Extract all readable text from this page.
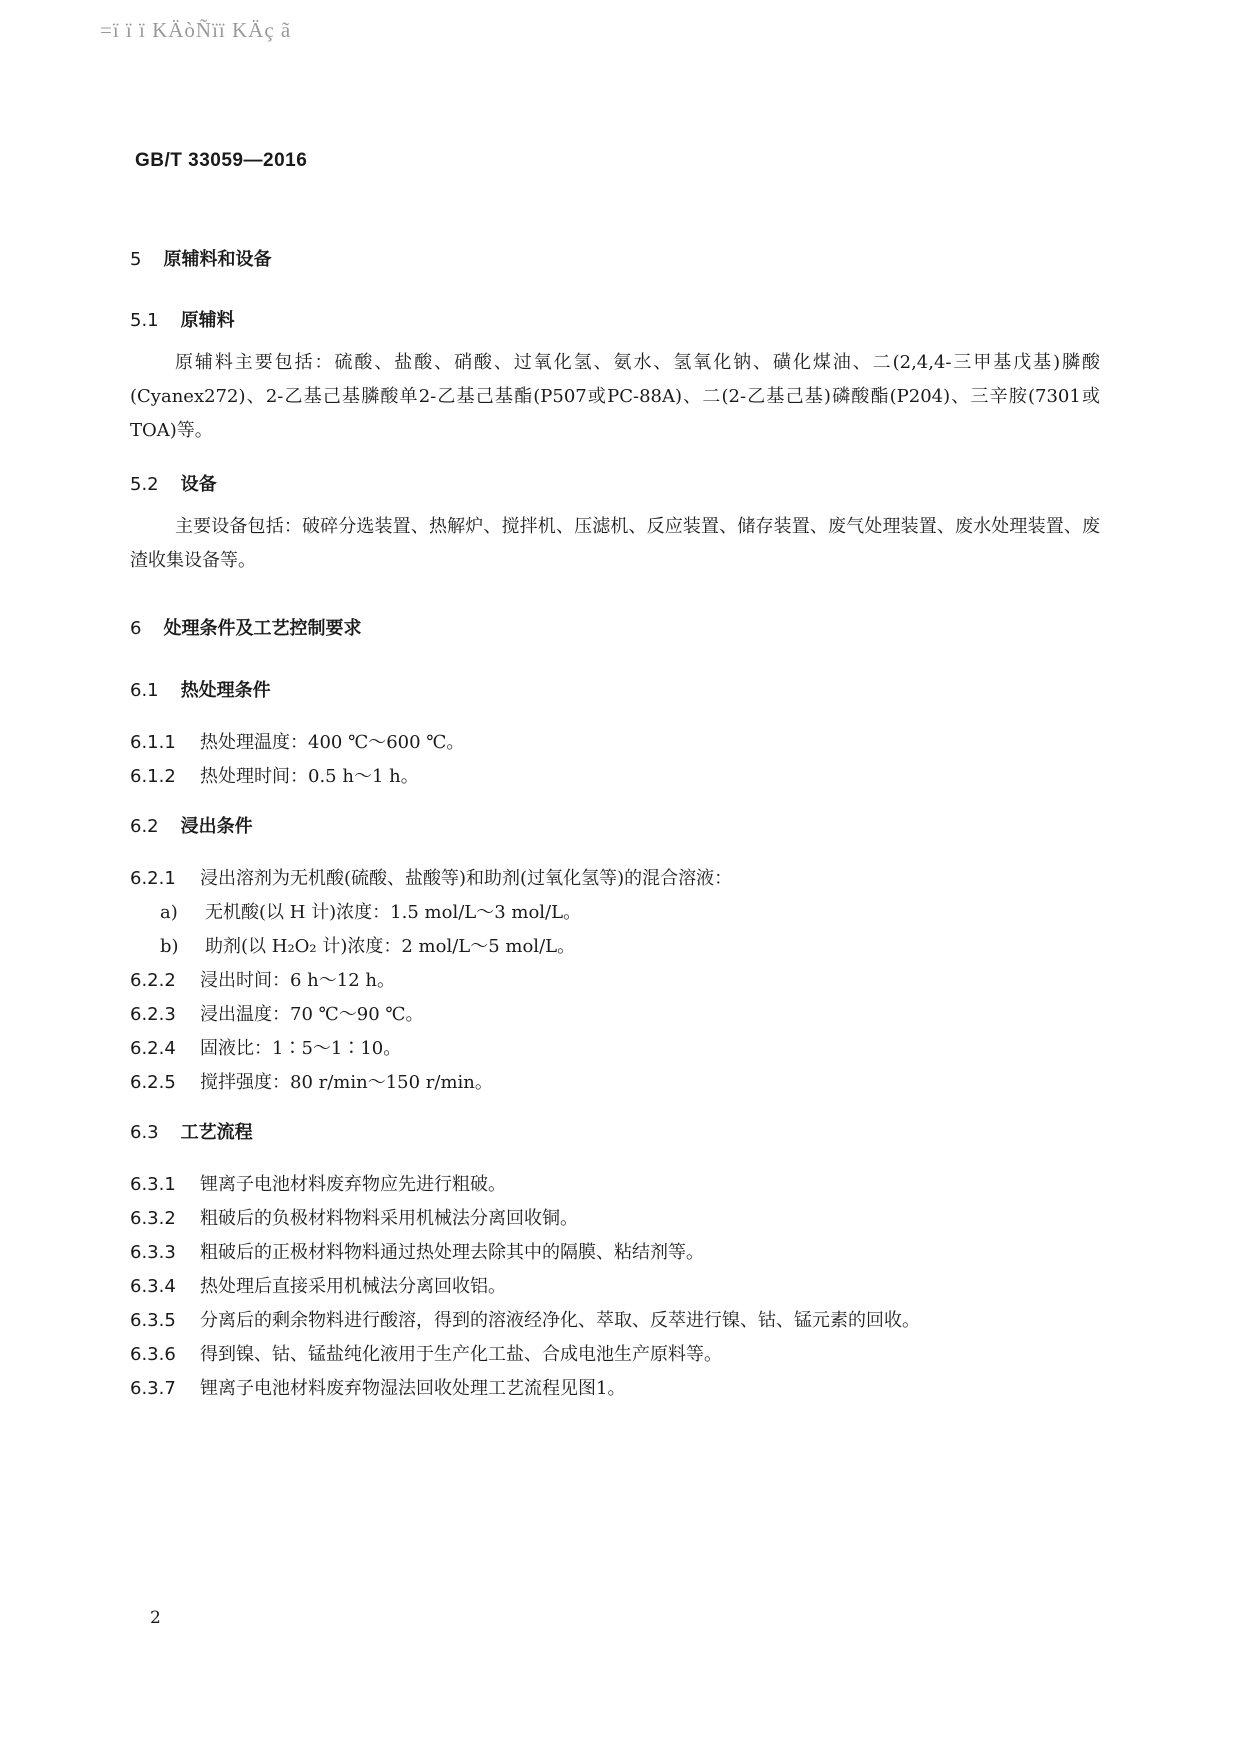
=ï ï ï KÄòÑïï KÄç ã
GB/T 33059—2016
5 原辅料和设备
5.1 原辅料
原辅料主要包括：硫酸、盐酸、硝酸、过氧化氢、氨水、氢氧化钠、磺化煤油、二(2,4,4-三甲基戊基)膦酸(Cyanex272)、2-乙基己基膦酸单2-乙基己基酯(P507或PC-88A)、二(2-乙基己基)磷酸酯(P204)、三辛胺(7301或TOA)等。
5.2 设备
主要设备包括：破碎分选装置、热解炉、搅拌机、压滤机、反应装置、储存装置、废气处理装置、废水处理装置、废渣收集设备等。
6 处理条件及工艺控制要求
6.1 热处理条件
6.1.1 热处理温度：400 ℃～600 ℃。
6.1.2 热处理时间：0.5 h～1 h。
6.2 浸出条件
6.2.1 浸出溶剂为无机酸(硫酸、盐酸等)和助剂(过氧化氢等)的混合溶液：
a) 无机酸(以 H 计)浓度：1.5 mol/L～3 mol/L。
b) 助剂(以 H₂O₂ 计)浓度：2 mol/L～5 mol/L。
6.2.2 浸出时间：6 h～12 h。
6.2.3 浸出温度：70 ℃～90 ℃。
6.2.4 固液比：1∶5～1∶10。
6.2.5 搅拌强度：80 r/min～150 r/min。
6.3 工艺流程
6.3.1 锂离子电池材料废弃物应先进行粗破。
6.3.2 粗破后的负极材料物料采用机械法分离回收铜。
6.3.3 粗破后的正极材料物料通过热处理去除其中的隔膜、粘结剂等。
6.3.4 热处理后直接采用机械法分离回收铝。
6.3.5 分离后的剩余物料进行酸溶，得到的溶液经净化、萃取、反萃进行镍、钴、锰元素的回收。
6.3.6 得到镍、钴、锰盐纯化液用于生产化工盐、合成电池生产原料等。
6.3.7 锂离子电池材料废弃物湿法回收处理工艺流程见图1。
2
